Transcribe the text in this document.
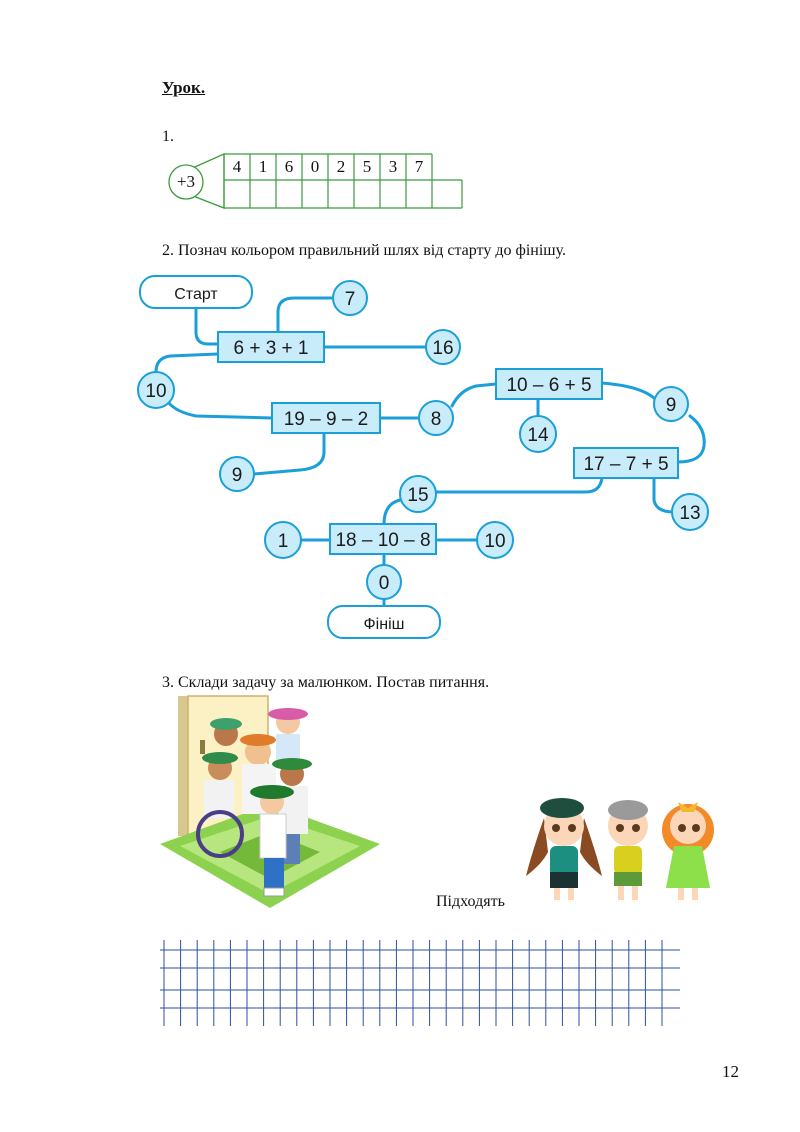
Урок.
1.
+3
4	1	6	0	2	5	3	7
2. Познач кольором правильний шлях від старту до фінішу.
Старт
Фініш
6 + 3 + 1
19 – 9 – 2
10 – 6 + 5
17 – 7 + 5
18 – 10 – 8
7
16
10
9
8
14
9
13
15
1	10
0
3. Склади задачу за малюнком. Постав питання.
Підходять
12
